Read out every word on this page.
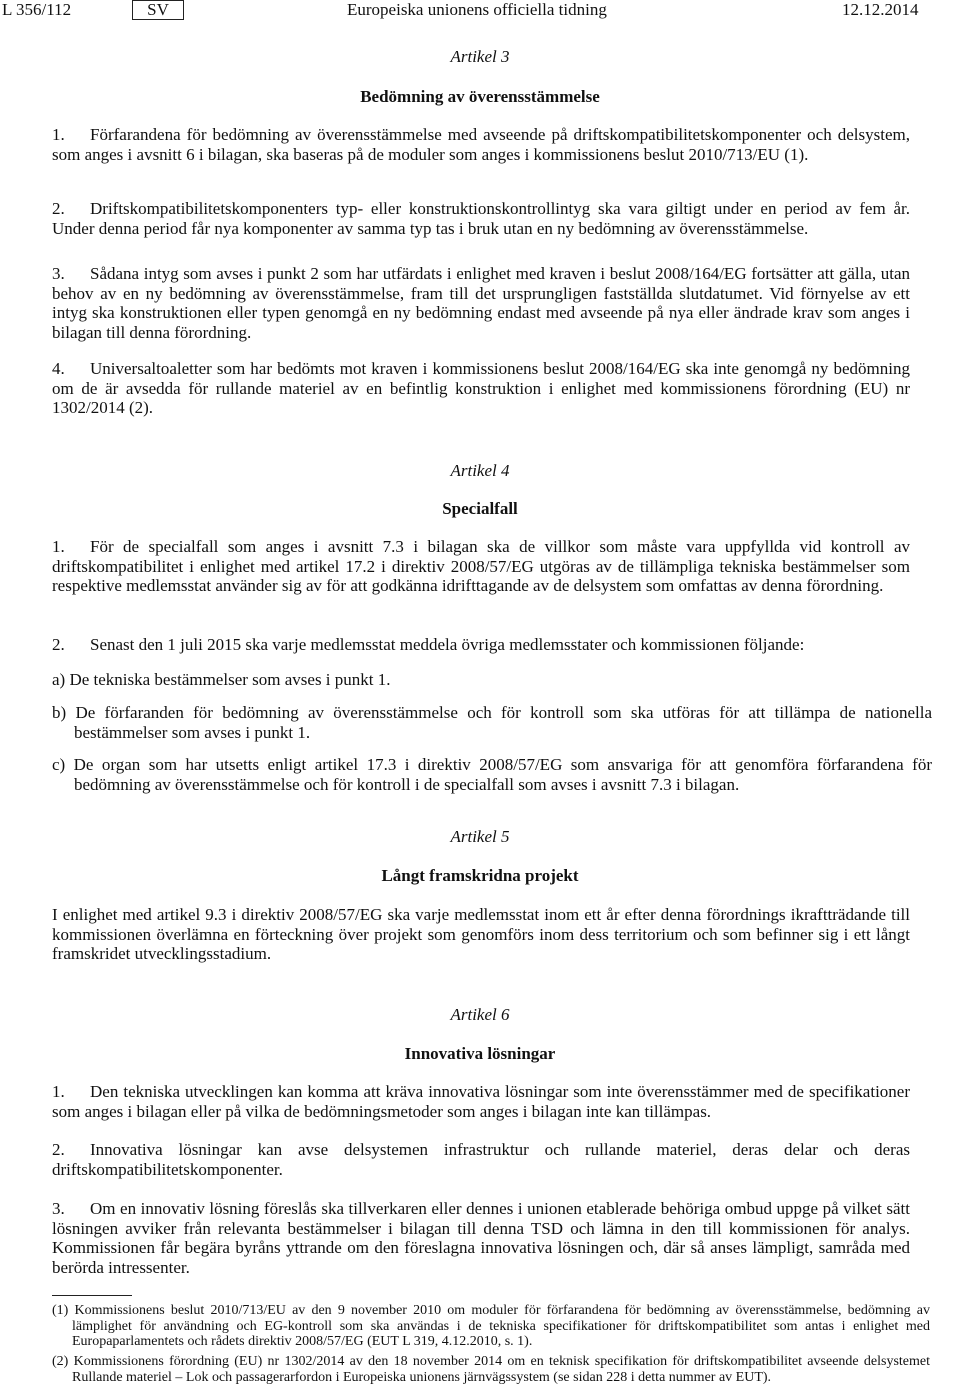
L 356/112	SV	Europeiska unionens officiella tidning	12.12.2014
Artikel 3
Bedömning av överensstämmelse
1. Förfarandena för bedömning av överensstämmelse med avseende på driftskompatibilitetskomponenter och delsystem, som anges i avsnitt 6 i bilagan, ska baseras på de moduler som anges i kommissionens beslut 2010/713/EU (1).
2. Driftskompatibilitetskomponenters typ- eller konstruktionskontrollintyg ska vara giltigt under en period av fem år. Under denna period får nya komponenter av samma typ tas i bruk utan en ny bedömning av överensstämmelse.
3. Sådana intyg som avses i punkt 2 som har utfärdats i enlighet med kraven i beslut 2008/164/EG fortsätter att gälla, utan behov av en ny bedömning av överensstämmelse, fram till det ursprungligen fastställda slutdatumet. Vid förnyelse av ett intyg ska konstruktionen eller typen genomgå en ny bedömning endast med avseende på nya eller ändrade krav som anges i bilagan till denna förordning.
4. Universaltoaletter som har bedömts mot kraven i kommissionens beslut 2008/164/EG ska inte genomgå ny bedömning om de är avsedda för rullande materiel av en befintlig konstruktion i enlighet med kommissionens förordning (EU) nr 1302/2014 (2).
Artikel 4
Specialfall
1. För de specialfall som anges i avsnitt 7.3 i bilagan ska de villkor som måste vara uppfyllda vid kontroll av driftskompatibilitet i enlighet med artikel 17.2 i direktiv 2008/57/EG utgöras av de tillämpliga tekniska bestämmelser som respektive medlemsstat använder sig av för att godkänna idrifttagande av de delsystem som omfattas av denna förordning.
2. Senast den 1 juli 2015 ska varje medlemsstat meddela övriga medlemsstater och kommissionen följande:
a) De tekniska bestämmelser som avses i punkt 1.
b) De förfaranden för bedömning av överensstämmelse och för kontroll som ska utföras för att tillämpa de nationella bestämmelser som avses i punkt 1.
c) De organ som har utsetts enligt artikel 17.3 i direktiv 2008/57/EG som ansvariga för att genomföra förfarandena för bedömning av överensstämmelse och för kontroll i de specialfall som avses i avsnitt 7.3 i bilagan.
Artikel 5
Långt framskridna projekt
I enlighet med artikel 9.3 i direktiv 2008/57/EG ska varje medlemsstat inom ett år efter denna förordnings ikraftträdande till kommissionen överlämna en förteckning över projekt som genomförs inom dess territorium och som befinner sig i ett långt framskridet utvecklingsstadium.
Artikel 6
Innovativa lösningar
1. Den tekniska utvecklingen kan komma att kräva innovativa lösningar som inte överensstämmer med de specifikationer som anges i bilagan eller på vilka de bedömningsmetoder som anges i bilagan inte kan tillämpas.
2. Innovativa lösningar kan avse delsystemen infrastruktur och rullande materiel, deras delar och deras driftskompatibilitetskomponenter.
3. Om en innovativ lösning föreslås ska tillverkaren eller dennes i unionen etablerade behöriga ombud uppge på vilket sätt lösningen avviker från relevanta bestämmelser i bilagan till denna TSD och lämna in den till kommissionen för analys. Kommissionen får begära byråns yttrande om den föreslagna innovativa lösningen och, där så anses lämpligt, samråda med berörda intressenter.
(1) Kommissionens beslut 2010/713/EU av den 9 november 2010 om moduler för förfarandena för bedömning av överensstämmelse, bedömning av lämplighet för användning och EG-kontroll som ska användas i de tekniska specifikationer för driftskompatibilitet som antas i enlighet med Europaparlamentets och rådets direktiv 2008/57/EG (EUT L 319, 4.12.2010, s. 1).
(2) Kommissionens förordning (EU) nr 1302/2014 av den 18 november 2014 om en teknisk specifikation för driftskompatibilitet avseende delsystemet Rullande materiel – Lok och passagerarfordon i Europeiska unionens järnvägssystem (se sidan 228 i detta nummer av EUT).
